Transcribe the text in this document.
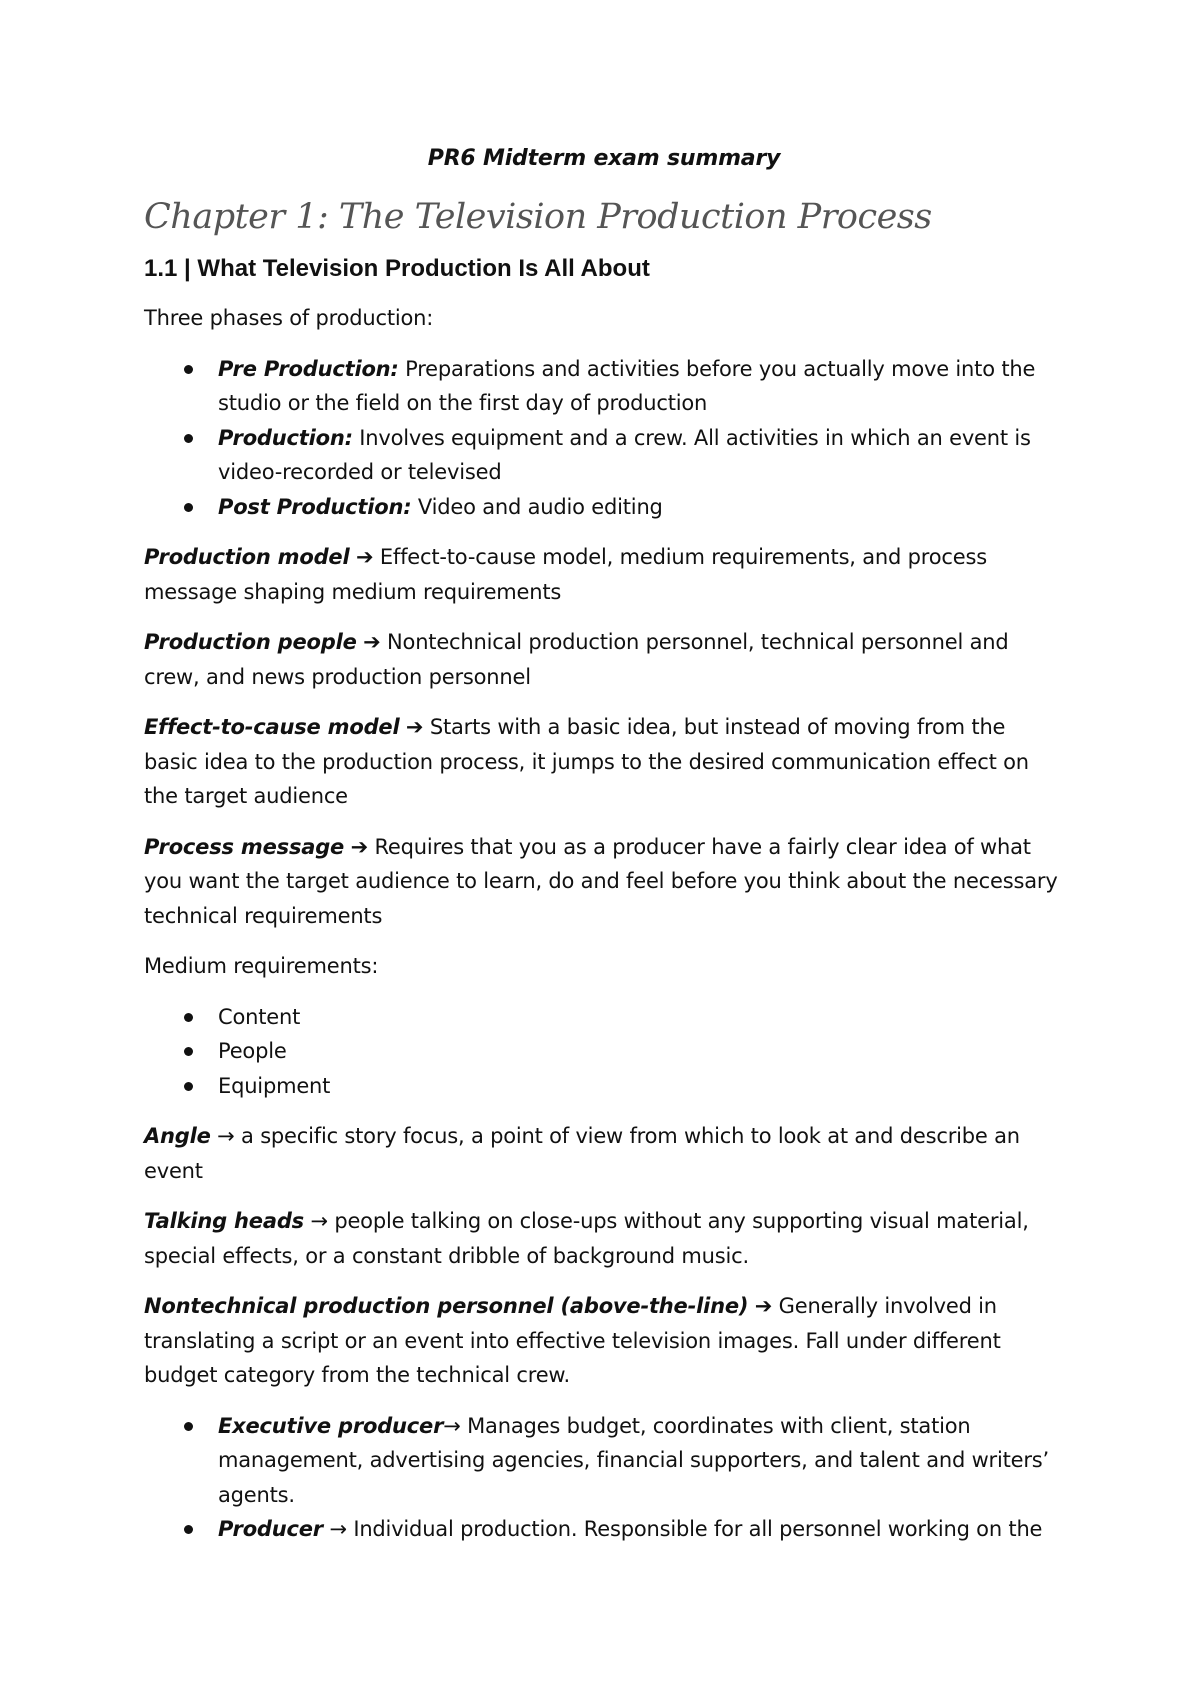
PR6 Midterm exam summary
Chapter 1: The Television Production Process
1.1 | What Television Production Is All About

Three phases of production:

Pre Production: Preparations and activities before you actually move into the studio or the field on the first day of production
Production: Involves equipment and a crew. All activities in which an event is video-recorded or televised
Post Production: Video and audio editing

Production model ➔ Effect-to-cause model, medium requirements, and process message shaping medium requirements

Production people ➔ Nontechnical production personnel, technical personnel and crew, and news production personnel

Effect-to-cause model ➔ Starts with a basic idea, but instead of moving from the basic idea to the production process, it jumps to the desired communication effect on the target audience

Process message ➔ Requires that you as a producer have a fairly clear idea of what you want the target audience to learn, do and feel before you think about the necessary technical requirements

Medium requirements:

Content
People
Equipment

Angle → a specific story focus, a point of view from which to look at and describe an event

Talking heads → people talking on close-ups without any supporting visual material, special effects, or a constant dribble of background music.

Nontechnical production personnel (above-the-line) ➔ Generally involved in translating a script or an event into effective television images. Fall under different budget category from the technical crew.

Executive producer→ Manages budget, coordinates with client, station management, advertising agencies, financial supporters, and talent and writers’ agents.
Producer → Individual production. Responsible for all personnel working on the
